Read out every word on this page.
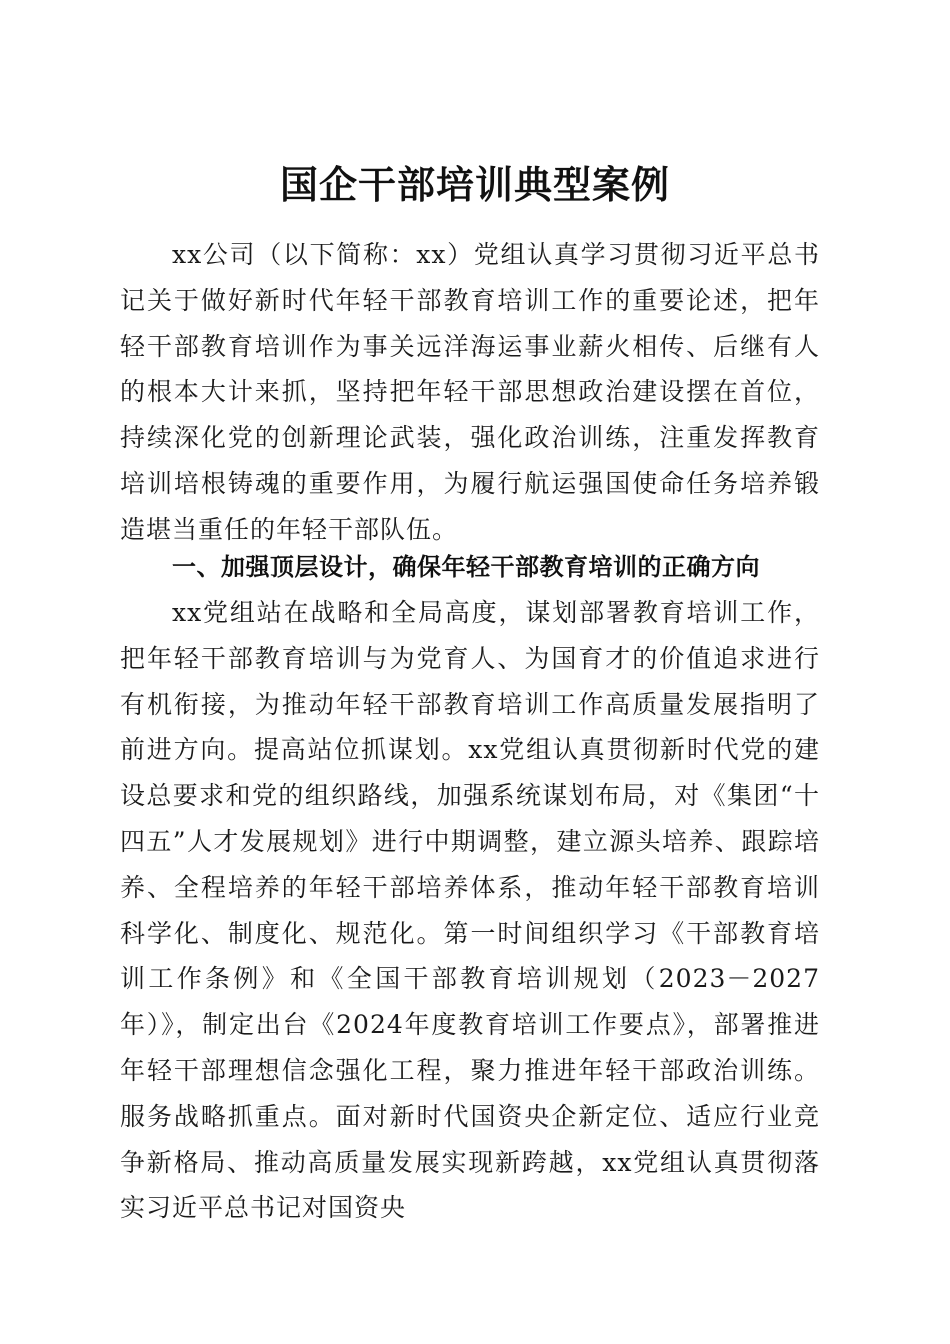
国企干部培训典型案例

xx公司（以下简称：xx）党组认真学习贯彻习近平总书记关于做好新时代年轻干部教育培训工作的重要论述，把年轻干部教育培训作为事关远洋海运事业薪火相传、后继有人的根本大计来抓，坚持把年轻干部思想政治建设摆在首位，持续深化党的创新理论武装，强化政治训练，注重发挥教育培训培根铸魂的重要作用，为履行航运强国使命任务培养锻造堪当重任的年轻干部队伍。

一、加强顶层设计，确保年轻干部教育培训的正确方向

xx党组站在战略和全局高度，谋划部署教育培训工作，把年轻干部教育培训与为党育人、为国育才的价值追求进行有机衔接，为推动年轻干部教育培训工作高质量发展指明了前进方向。提高站位抓谋划。xx党组认真贯彻新时代党的建设总要求和党的组织路线，加强系统谋划布局，对《集团“十四五”人才发展规划》进行中期调整，建立源头培养、跟踪培养、全程培养的年轻干部培养体系，推动年轻干部教育培训科学化、制度化、规范化。第一时间组织学习《干部教育培训工作条例》和《全国干部教育培训规划（2023－2027年）》，制定出台《2024年度教育培训工作要点》，部署推进年轻干部理想信念强化工程，聚力推进年轻干部政治训练。服务战略抓重点。面对新时代国资央企新定位、适应行业竞争新格局、推动高质量发展实现新跨越，xx党组认真贯彻落实习近平总书记对国资央
